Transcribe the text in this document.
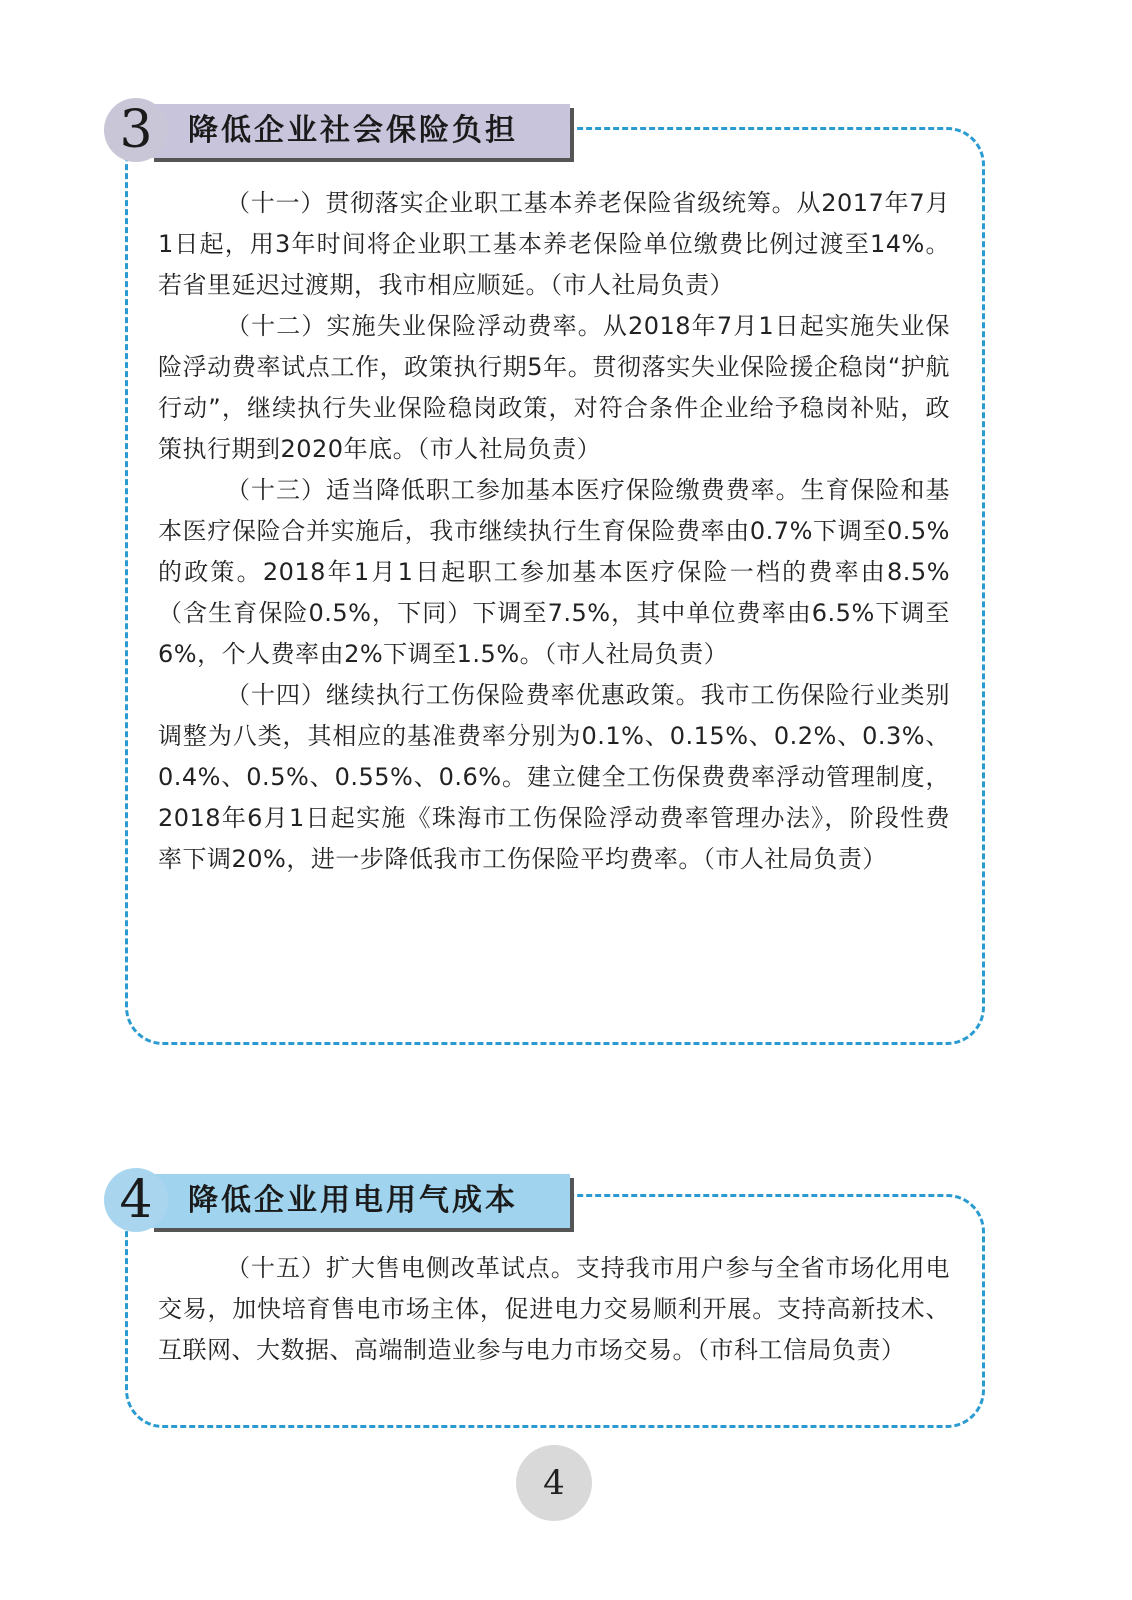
降低企业社会保险负担
3

（十一）贯彻落实企业职工基本养老保险省级统筹。从2017年7月1日起，用3年时间将企业职工基本养老保险单位缴费比例过渡至14%。若省里延迟过渡期，我市相应顺延。（市人社局负责）

（十二）实施失业保险浮动费率。从2018年7月1日起实施失业保险浮动费率试点工作，政策执行期5年。贯彻落实失业保险援企稳岗“护航行动”，继续执行失业保险稳岗政策，对符合条件企业给予稳岗补贴，政策执行期到2020年底。（市人社局负责）

（十三）适当降低职工参加基本医疗保险缴费费率。生育保险和基本医疗保险合并实施后，我市继续执行生育保险费率由0.7%下调至0.5%的政策。2018年1月1日起职工参加基本医疗保险一档的费率由8.5%（含生育保险0.5%，下同）下调至7.5%，其中单位费率由6.5%下调至6%，个人费率由2%下调至1.5%。（市人社局负责）

（十四）继续执行工伤保险费率优惠政策。我市工伤保险行业类别调整为八类，其相应的基准费率分别为0.1%、0.15%、0.2%、0.3%、0.4%、0.5%、0.55%、0.6%。建立健全工伤保费费率浮动管理制度，2018年6月1日起实施《珠海市工伤保险浮动费率管理办法》，阶段性费率下调20%，进一步降低我市工伤保险平均费率。（市人社局负责）

降低企业用电用气成本
4

（十五）扩大售电侧改革试点。支持我市用户参与全省市场化用电交易，加快培育售电市场主体，促进电力交易顺利开展。支持高新技术、互联网、大数据、高端制造业参与电力市场交易。（市科工信局负责）

4
